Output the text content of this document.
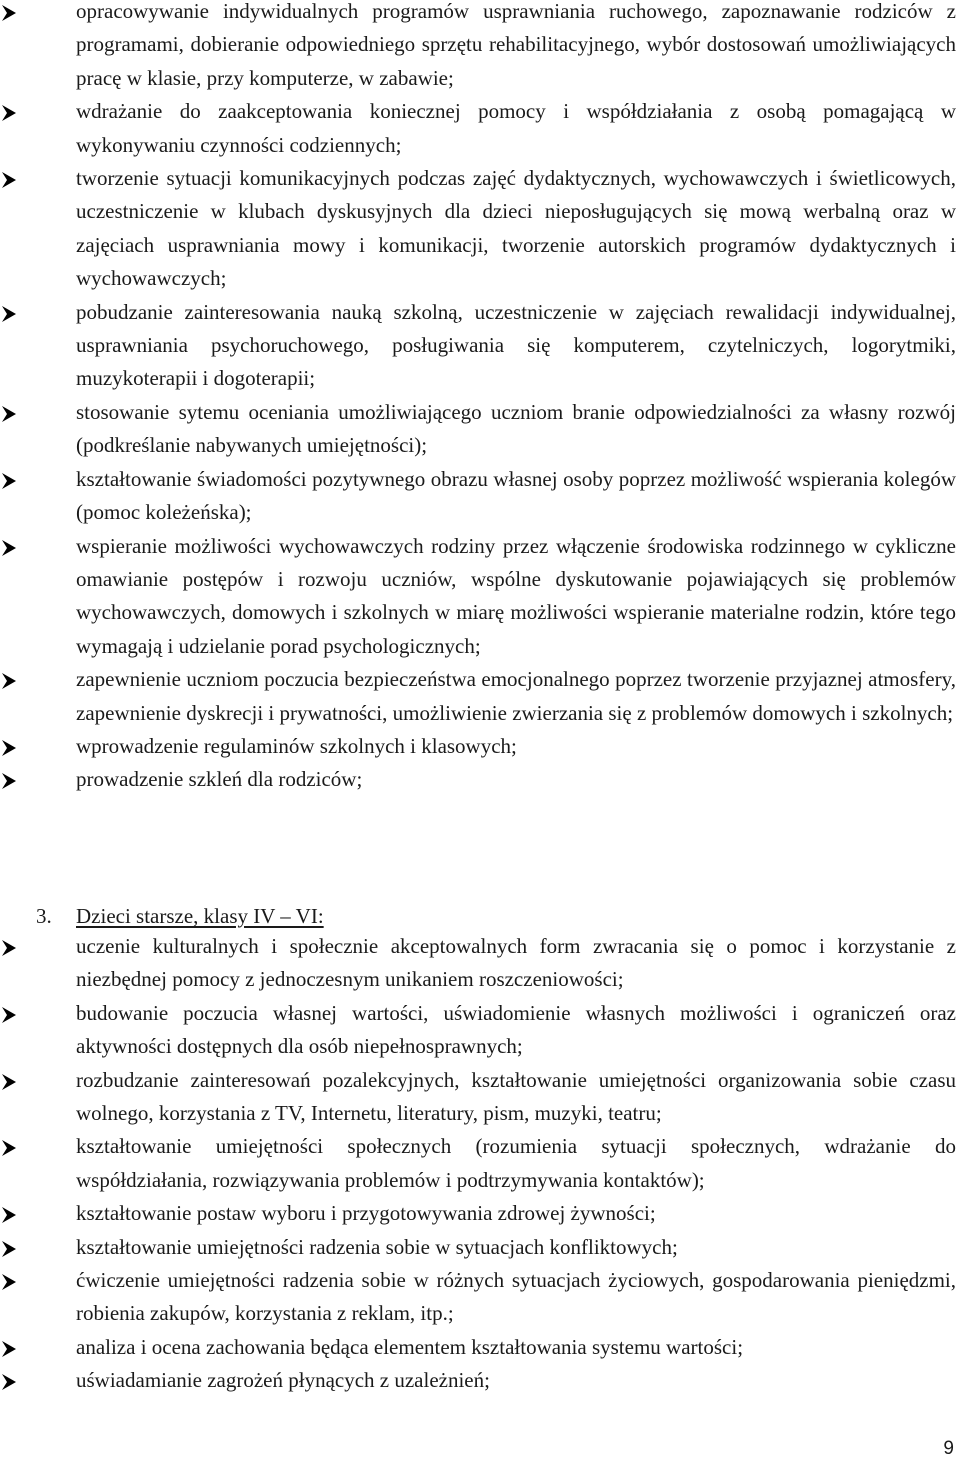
opracowywanie indywidualnych programów usprawniania ruchowego, zapoznawanie rodziców z programami, dobieranie odpowiedniego sprzętu rehabilitacyjnego, wybór dostosowań umożliwiających pracę w klasie, przy komputerze, w zabawie;
wdrażanie do zaakceptowania koniecznej pomocy i współdziałania z osobą pomagającą w wykonywaniu czynności codziennych;
tworzenie sytuacji komunikacyjnych podczas zajęć dydaktycznych, wychowawczych i świetlicowych, uczestniczenie w klubach dyskusyjnych dla dzieci nieposługujących się mową werbalną oraz w zajęciach usprawniania mowy i komunikacji, tworzenie autorskich programów dydaktycznych i wychowawczych;
pobudzanie zainteresowania nauką szkolną, uczestniczenie w zajęciach rewalidacji indywidualnej, usprawniania psychoruchowego, posługiwania się komputerem, czytelniczych, logorytmiki, muzykoterapii i dogoterapii;
stosowanie sytemu oceniania umożliwiającego uczniom branie odpowiedzialności za własny rozwój (podkreślanie nabywanych umiejętności);
kształtowanie świadomości pozytywnego obrazu własnej osoby poprzez możliwość wspierania kolegów (pomoc koleżeńska);
wspieranie możliwości wychowawczych rodziny przez włączenie środowiska rodzinnego w cykliczne omawianie postępów i rozwoju uczniów, wspólne dyskutowanie pojawiających się problemów wychowawczych, domowych i szkolnych w miarę możliwości wspieranie materialne rodzin, które tego wymagają i udzielanie porad psychologicznych;
zapewnienie uczniom poczucia bezpieczeństwa emocjonalnego poprzez tworzenie przyjaznej atmosfery, zapewnienie dyskrecji i prywatności, umożliwienie zwierzania się z problemów domowych i szkolnych;
wprowadzenie regulaminów szkolnych i klasowych;
prowadzenie szkleń dla rodziców;
3. Dzieci starsze, klasy IV – VI:
uczenie kulturalnych i społecznie akceptowalnych form zwracania się o pomoc i korzystanie z niezbędnej pomocy z jednoczesnym unikaniem roszczeniowości;
budowanie poczucia własnej wartości, uświadomienie własnych możliwości i ograniczeń oraz aktywności dostępnych dla osób niepełnosprawnych;
rozbudzanie zainteresowań pozalekcyjnych, kształtowanie umiejętności organizowania sobie czasu wolnego, korzystania z TV, Internetu, literatury, pism, muzyki, teatru;
kształtowanie umiejętności społecznych (rozumienia sytuacji społecznych, wdrażanie do współdziałania, rozwiązywania problemów i podtrzymywania kontaktów);
kształtowanie postaw wyboru i przygotowywania zdrowej żywności;
kształtowanie umiejętności radzenia sobie w sytuacjach konfliktowych;
ćwiczenie umiejętności radzenia sobie w różnych sytuacjach życiowych, gospodarowania pieniędzmi, robienia zakupów, korzystania z reklam, itp.;
analiza i ocena zachowania będąca elementem kształtowania systemu wartości;
uświadamianie zagrożeń płynących z uzależnień;
9
